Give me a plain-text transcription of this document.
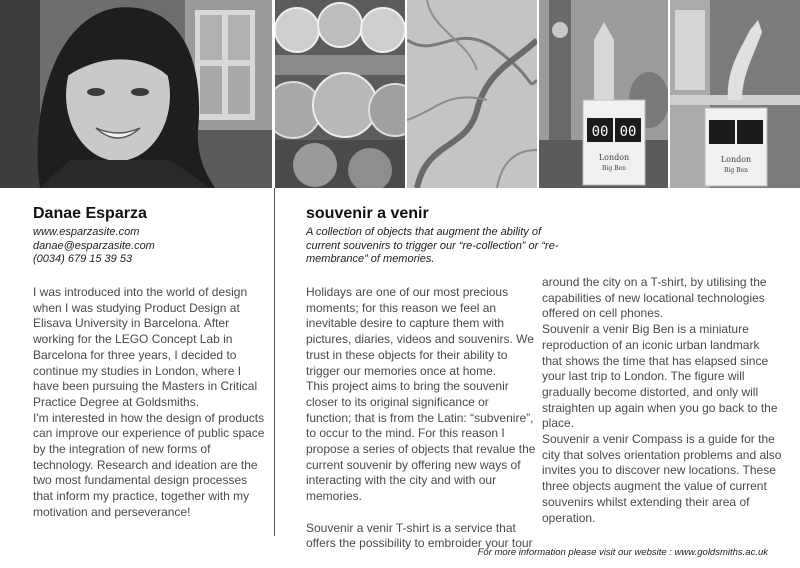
00 00
London
Big Ben
London
Big Ben
Danae Esparza
www.esparzasite.com
danae@esparzasite.com
(0034) 679 15 39 53

I was introduced into the world of design when I was studying Product Design at Elisava University in Barcelona. After working for the LEGO Concept Lab in Barcelona for three years, I decided to continue my studies in London, where I have been pursuing the Masters in Critical Practice Degree at Goldsmiths.

I'm interested in how the design of products can improve our experience of public space by the integration of new forms of technology. Research and ideation are the two most fundamental design processes that inform my practice, together with my motivation and perseverance!

souvenir a venir
A collection of objects that augment the ability of current souvenirs to trigger our “re-collection” or “re-membrance” of memories.

Holidays are one of our most precious moments; for this reason we feel an inevitable desire to capture them with pictures, diaries, videos and souvenirs. We trust in these objects for their ability to trigger our memories once at home.

This project aims to bring the souvenir closer to its original significance or function; that is from the Latin: “subvenire”, to occur to the mind. For this reason I propose a series of objects that revalue the current souvenir by offering new ways of interacting with the city and with our memories.

Souvenir a venir T-shirt is a service that offers the possibility to embroider your tour

around the city on a T-shirt, by utilising the capabilities of new locational technologies offered on cell phones.

Souvenir a venir Big Ben is a miniature reproduction of an iconic urban landmark that shows the time that has elapsed since your last trip to London. The figure will gradually become distorted, and only will straighten up again when you go back to the place.

Souvenir a venir Compass is a guide for the city that solves orientation problems and also invites you to discover new locations. These three objects augment the value of current souvenirs whilst extending their area of operation.

For more information please visit our website : www.goldsmiths.ac.uk
